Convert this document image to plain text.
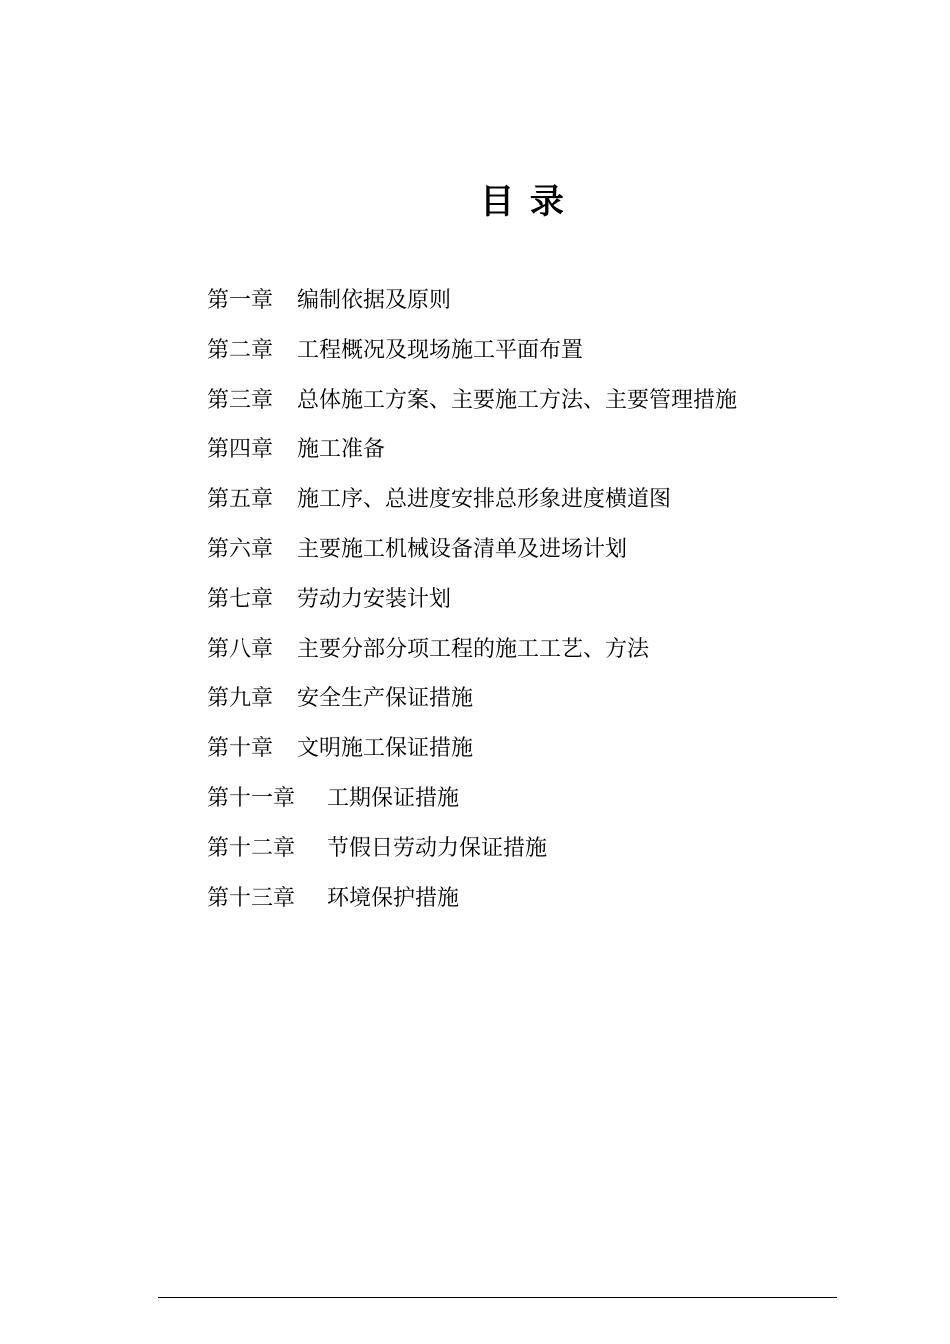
目 录
第一章 编制依据及原则
第二章 工程概况及现场施工平面布置
第三章 总体施工方案、主要施工方法、主要管理措施
第四章 施工准备
第五章 施工序、总进度安排总形象进度横道图
第六章 主要施工机械设备清单及进场计划
第七章 劳动力安装计划
第八章 主要分部分项工程的施工工艺、方法
第九章 安全生产保证措施
第十章 文明施工保证措施
第十一章 工期保证措施
第十二章 节假日劳动力保证措施
第十三章 环境保护措施
